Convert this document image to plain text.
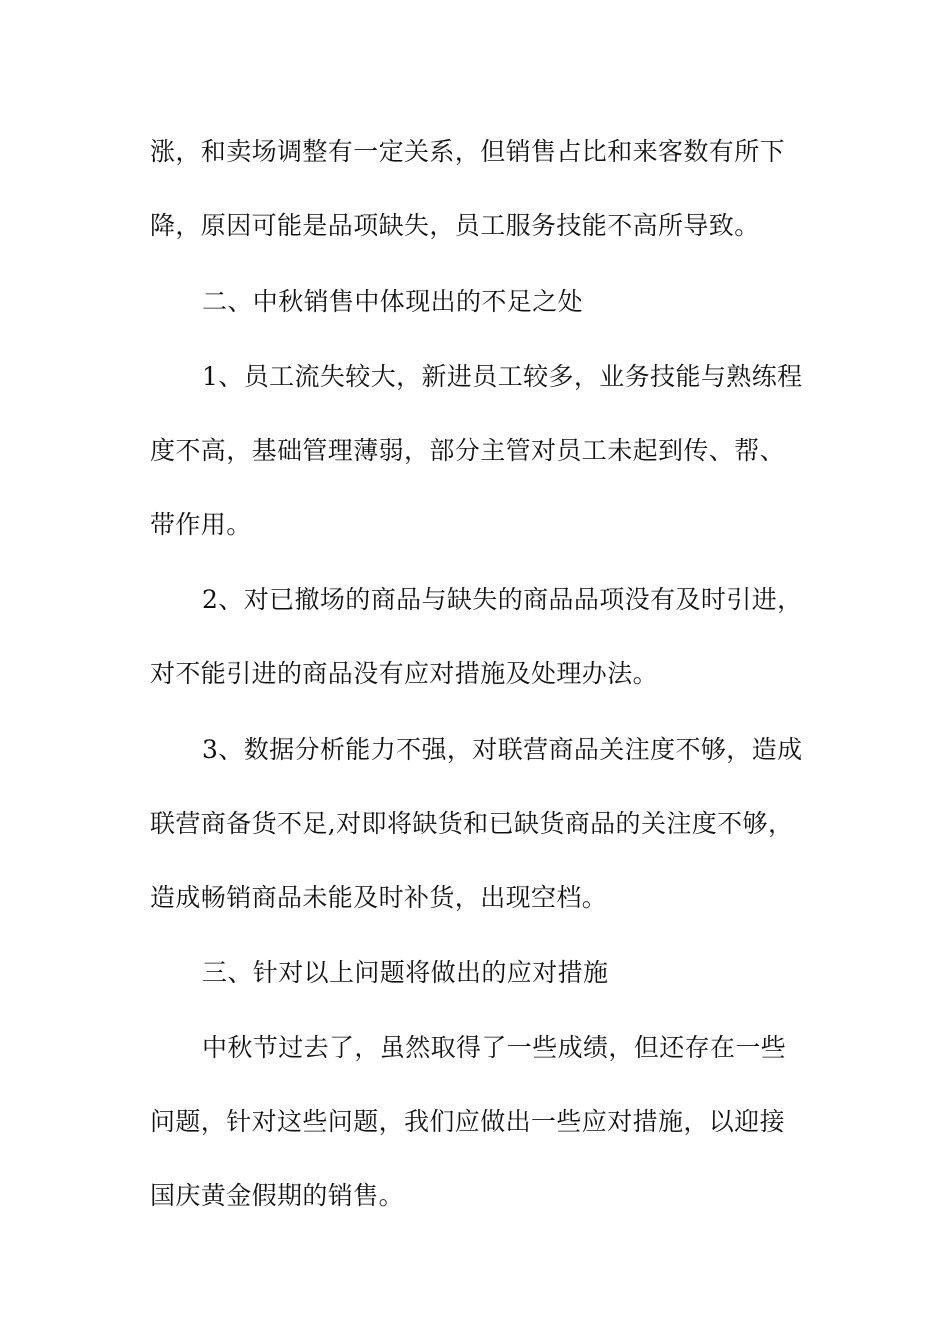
涨，和卖场调整有一定关系，但销售占比和来客数有所下
降，原因可能是品项缺失，员工服务技能不高所导致。
二、中秋销售中体现出的不足之处
1、员工流失较大，新进员工较多，业务技能与熟练程
度不高，基础管理薄弱，部分主管对员工未起到传、帮、
带作用。
2、对已撤场的商品与缺失的商品品项没有及时引进，
对不能引进的商品没有应对措施及处理办法。
3、数据分析能力不强，对联营商品关注度不够，造成
联营商备货不足,对即将缺货和已缺货商品的关注度不够，
造成畅销商品未能及时补货，出现空档。
三、针对以上问题将做出的应对措施
中秋节过去了，虽然取得了一些成绩，但还存在一些
问题，针对这些问题，我们应做出一些应对措施，以迎接
国庆黄金假期的销售。
